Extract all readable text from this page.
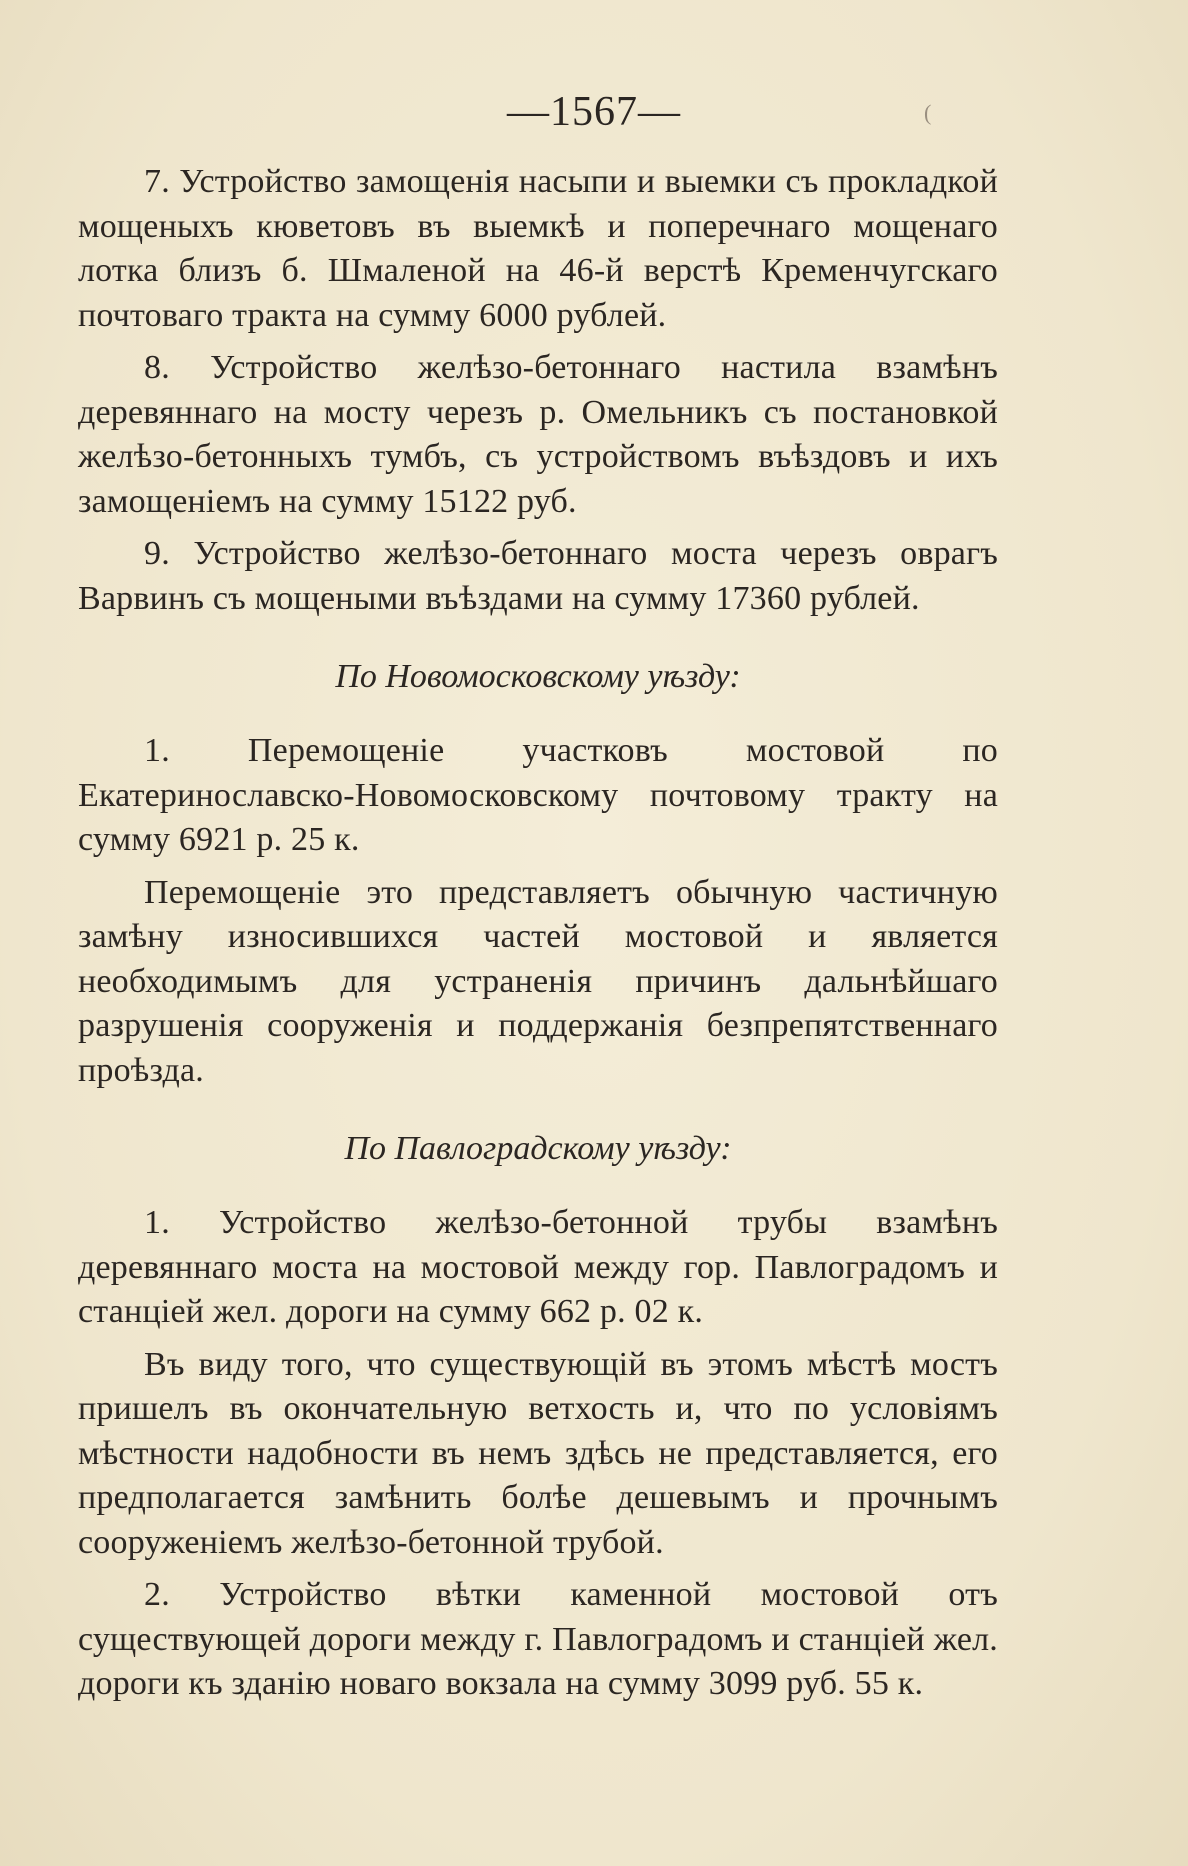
—1567—	(

7. Устройство замощенія насыпи и выемки съ прокладкой мощеныхъ кюветовъ въ выемкѣ и поперечнаго мощенаго лотка близъ б. Шмаленой на 46-й верстѣ Кременчугскаго почтоваго тракта на сумму 6000 рублей.

8. Устройство желѣзо-бетоннаго настила взамѣнъ деревяннаго на мосту черезъ р. Омельникъ съ постановкой желѣзо-бетонныхъ тумбъ, съ устройствомъ въѣздовъ и ихъ замощеніемъ на сумму 15122 руб.

9. Устройство желѣзо-бетоннаго моста черезъ оврагъ Варвинъ съ мощеными въѣздами на сумму 17360 рублей.

По Новомосковскому уѣзду:

1. Перемощеніе участковъ мостовой по Екатеринославско-Новомосковскому почтовому тракту на сумму 6921 р. 25 к.

Перемощеніе это представляетъ обычную частичную замѣну износившихся частей мостовой и является необходимымъ для устраненія причинъ дальнѣйшаго разрушенія сооруженія и поддержанія безпрепятственнаго проѣзда.

По Павлоградскому уѣзду:

1. Устройство желѣзо-бетонной трубы взамѣнъ деревяннаго моста на мостовой между гор. Павлоградомъ и станціей жел. дороги на сумму 662 р. 02 к.

Въ виду того, что существующій въ этомъ мѣстѣ мостъ пришелъ въ окончательную ветхость и, что по условіямъ мѣстности надобности въ немъ здѣсь не представляется, его предполагается замѣнить болѣе дешевымъ и прочнымъ сооруженіемъ желѣзо-бетонной трубой.

2. Устройство вѣтки каменной мостовой отъ существующей дороги между г. Павлоградомъ и станціей жел. дороги къ зданію новаго вокзала на сумму 3099 руб. 55 к.
